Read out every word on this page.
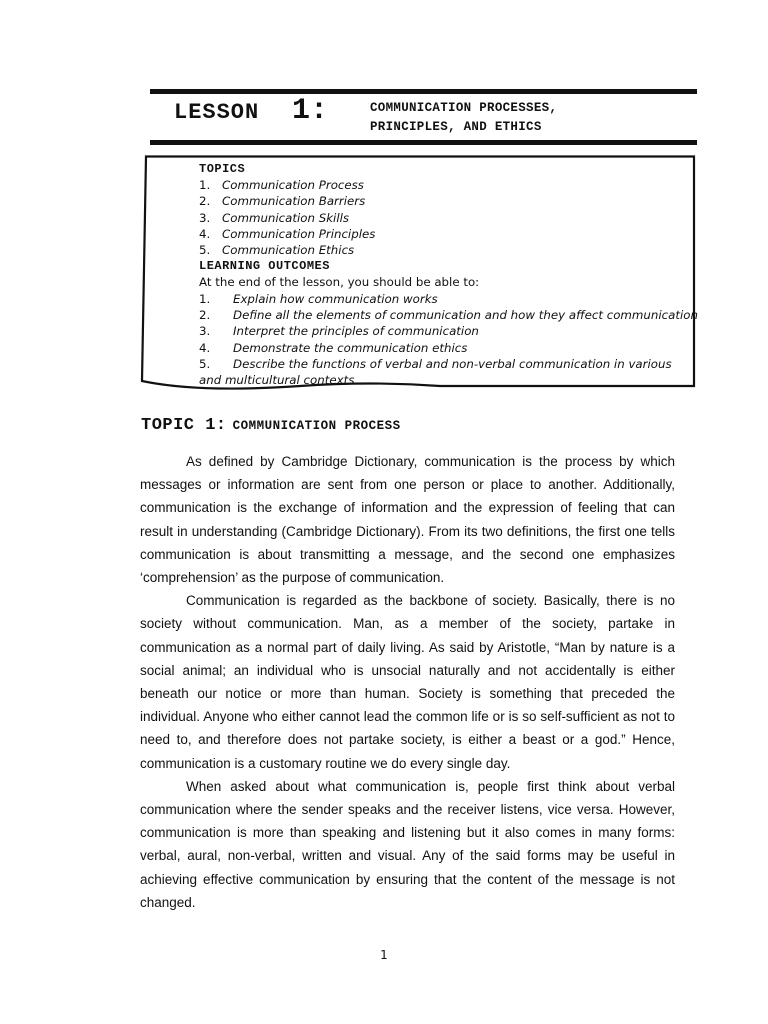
LESSON 1:	COMMUNICATION PROCESSES,
PRINCIPLES, AND ETHICS
TOPICS
1. Communication Process
2. Communication Barriers
3. Communication Skills
4. Communication Principles
5. Communication Ethics
LEARNING OUTCOMES
At the end of the lesson, you should be able to:
1. Explain how communication works
2. Define all the elements of communication and how they affect communication
3. Interpret the principles of communication
4. Demonstrate the communication ethics
5. Describe the functions of verbal and non-verbal communication in various and multicultural contexts
TOPIC 1: COMMUNICATION PROCESS

As defined by Cambridge Dictionary, communication is the process by which messages or information are sent from one person or place to another. Additionally, communication is the exchange of information and the expression of feeling that can result in understanding (Cambridge Dictionary). From its two definitions, the first one tells communication is about transmitting a message, and the second one emphasizes ‘comprehension’ as the purpose of communication.

Communication is regarded as the backbone of society. Basically, there is no society without communication. Man, as a member of the society, partake in communication as a normal part of daily living. As said by Aristotle, “Man by nature is a social animal; an individual who is unsocial naturally and not accidentally is either beneath our notice or more than human. Society is something that preceded the individual. Anyone who either cannot lead the common life or is so self-sufficient as not to need to, and therefore does not partake society, is either a beast or a god.” Hence, communication is a customary routine we do every single day.

When asked about what communication is, people first think about verbal communication where the sender speaks and the receiver listens, vice versa. However, communication is more than speaking and listening but it also comes in many forms: verbal, aural, non-verbal, written and visual. Any of the said forms may be useful in achieving effective communication by ensuring that the content of the message is not changed.

1
